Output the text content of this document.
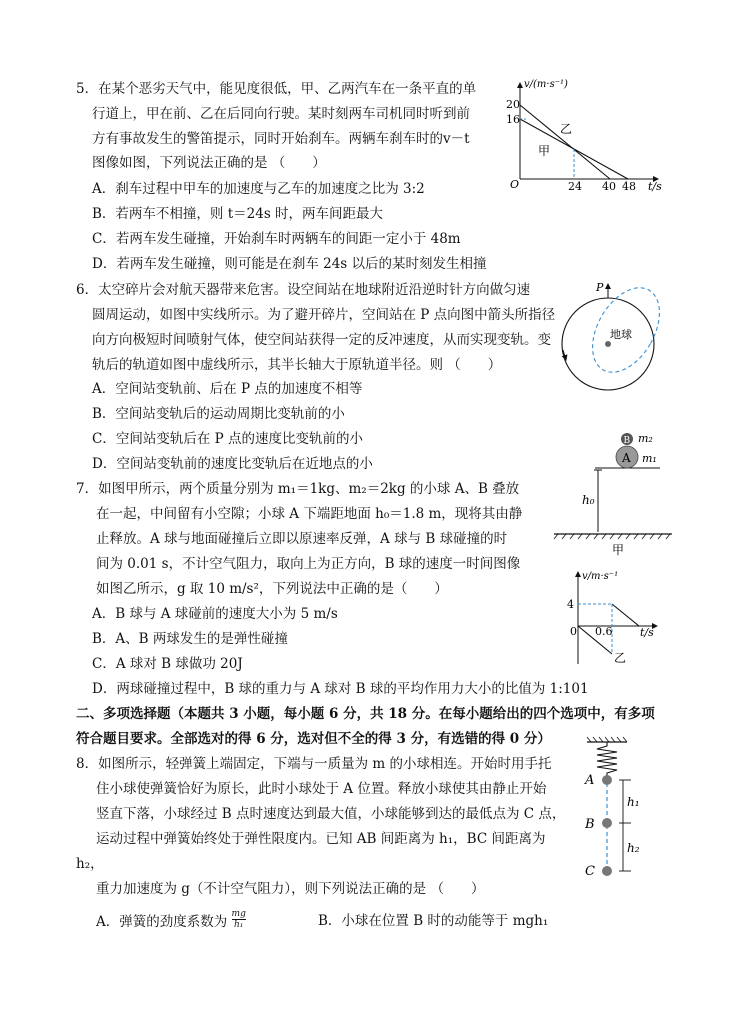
5．在某个恶劣天气中，能见度很低，甲、乙两汽车在一条平直的单
行道上，甲在前、乙在后同向行驶。某时刻两车司机同时听到前
方有事故发生的警笛提示，同时开始刹车。两辆车刹车时的v－t
图像如图，下列说法正确的是 （　　）
A．刹车过程中甲车的加速度与乙车的加速度之比为 3:2
B．若两车不相撞，则 t＝24s 时，两车间距最大
C．若两车发生碰撞，开始刹车时两辆车的间距一定小于 48m
D．若两车发生碰撞，则可能是在刹车 24s 以后的某时刻发生相撞
v/(m·s⁻¹)
20
16
O	24 40 48 t/s
乙
甲
6．太空碎片会对航天器带来危害。设空间站在地球附近沿逆时针方向做匀速
圆周运动，如图中实线所示。为了避开碎片，空间站在 P 点向图中箭头所指径
向方向极短时间喷射气体，使空间站获得一定的反冲速度，从而实现变轨。变
轨后的轨道如图中虚线所示，其半长轴大于原轨道半径。则 （　　）
A．空间站变轨前、后在 P 点的加速度不相等
B．空间站变轨后的运动周期比变轨前的小
C．空间站变轨后在 P 点的速度比变轨前的小
D．空间站变轨前的速度比变轨后在近地点的小
P
地球
7．如图甲所示，两个质量分别为 m₁＝1kg、m₂＝2kg 的小球 A、B 叠放
在一起，中间留有小空隙；小球 A 下端距地面 h₀＝1.8 m，现将其由静
止释放。A 球与地面碰撞后立即以原速率反弹，A 球与 B 球碰撞的时
间为 0.01 s，不计空气阻力，取向上为正方向，B 球的速度一时间图像
如图乙所示，g 取 10 m/s²，下列说法中正确的是（　　）
A．B 球与 A 球碰前的速度大小为 5 m/s
B．A、B 两球发生的是弹性碰撞
C．A 球对 B 球做功 20J
D．两球碰撞过程中，B 球的重力与 A 球对 B 球的平均作用力大小的比值为 1:101
B
A
m₂
m₁
h₀
甲
v/m·s⁻¹
4
0 0.6	t/s
乙
二、多项选择题（本题共 3 小题，每小题 6 分，共 18 分。在每小题给出的四个选项中，有多项
符合题目要求。全部选对的得 6 分，选对但不全的得 3 分，有选错的得 0 分）
8．如图所示，轻弹簧上端固定，下端与一质量为 m 的小球相连。开始时用手托
住小球使弹簧恰好为原长，此时小球处于 A 位置。释放小球使其由静止开始
竖直下落，小球经过 B 点时速度达到最大值，小球能够到达的最低点为 C 点，
运动过程中弹簧始终处于弹性限度内。已知 AB 间距离为 h₁，BC 间距离为
h₂，
重力加速度为 g（不计空气阻力），则下列说法正确的是 （　　）
A．弹簧的劲度系数为 $\frac{mg}{\text{h₁}}$	B．小球在位置 B 时的动能等于 mgh₁
A
B
C
h₁
h₂
